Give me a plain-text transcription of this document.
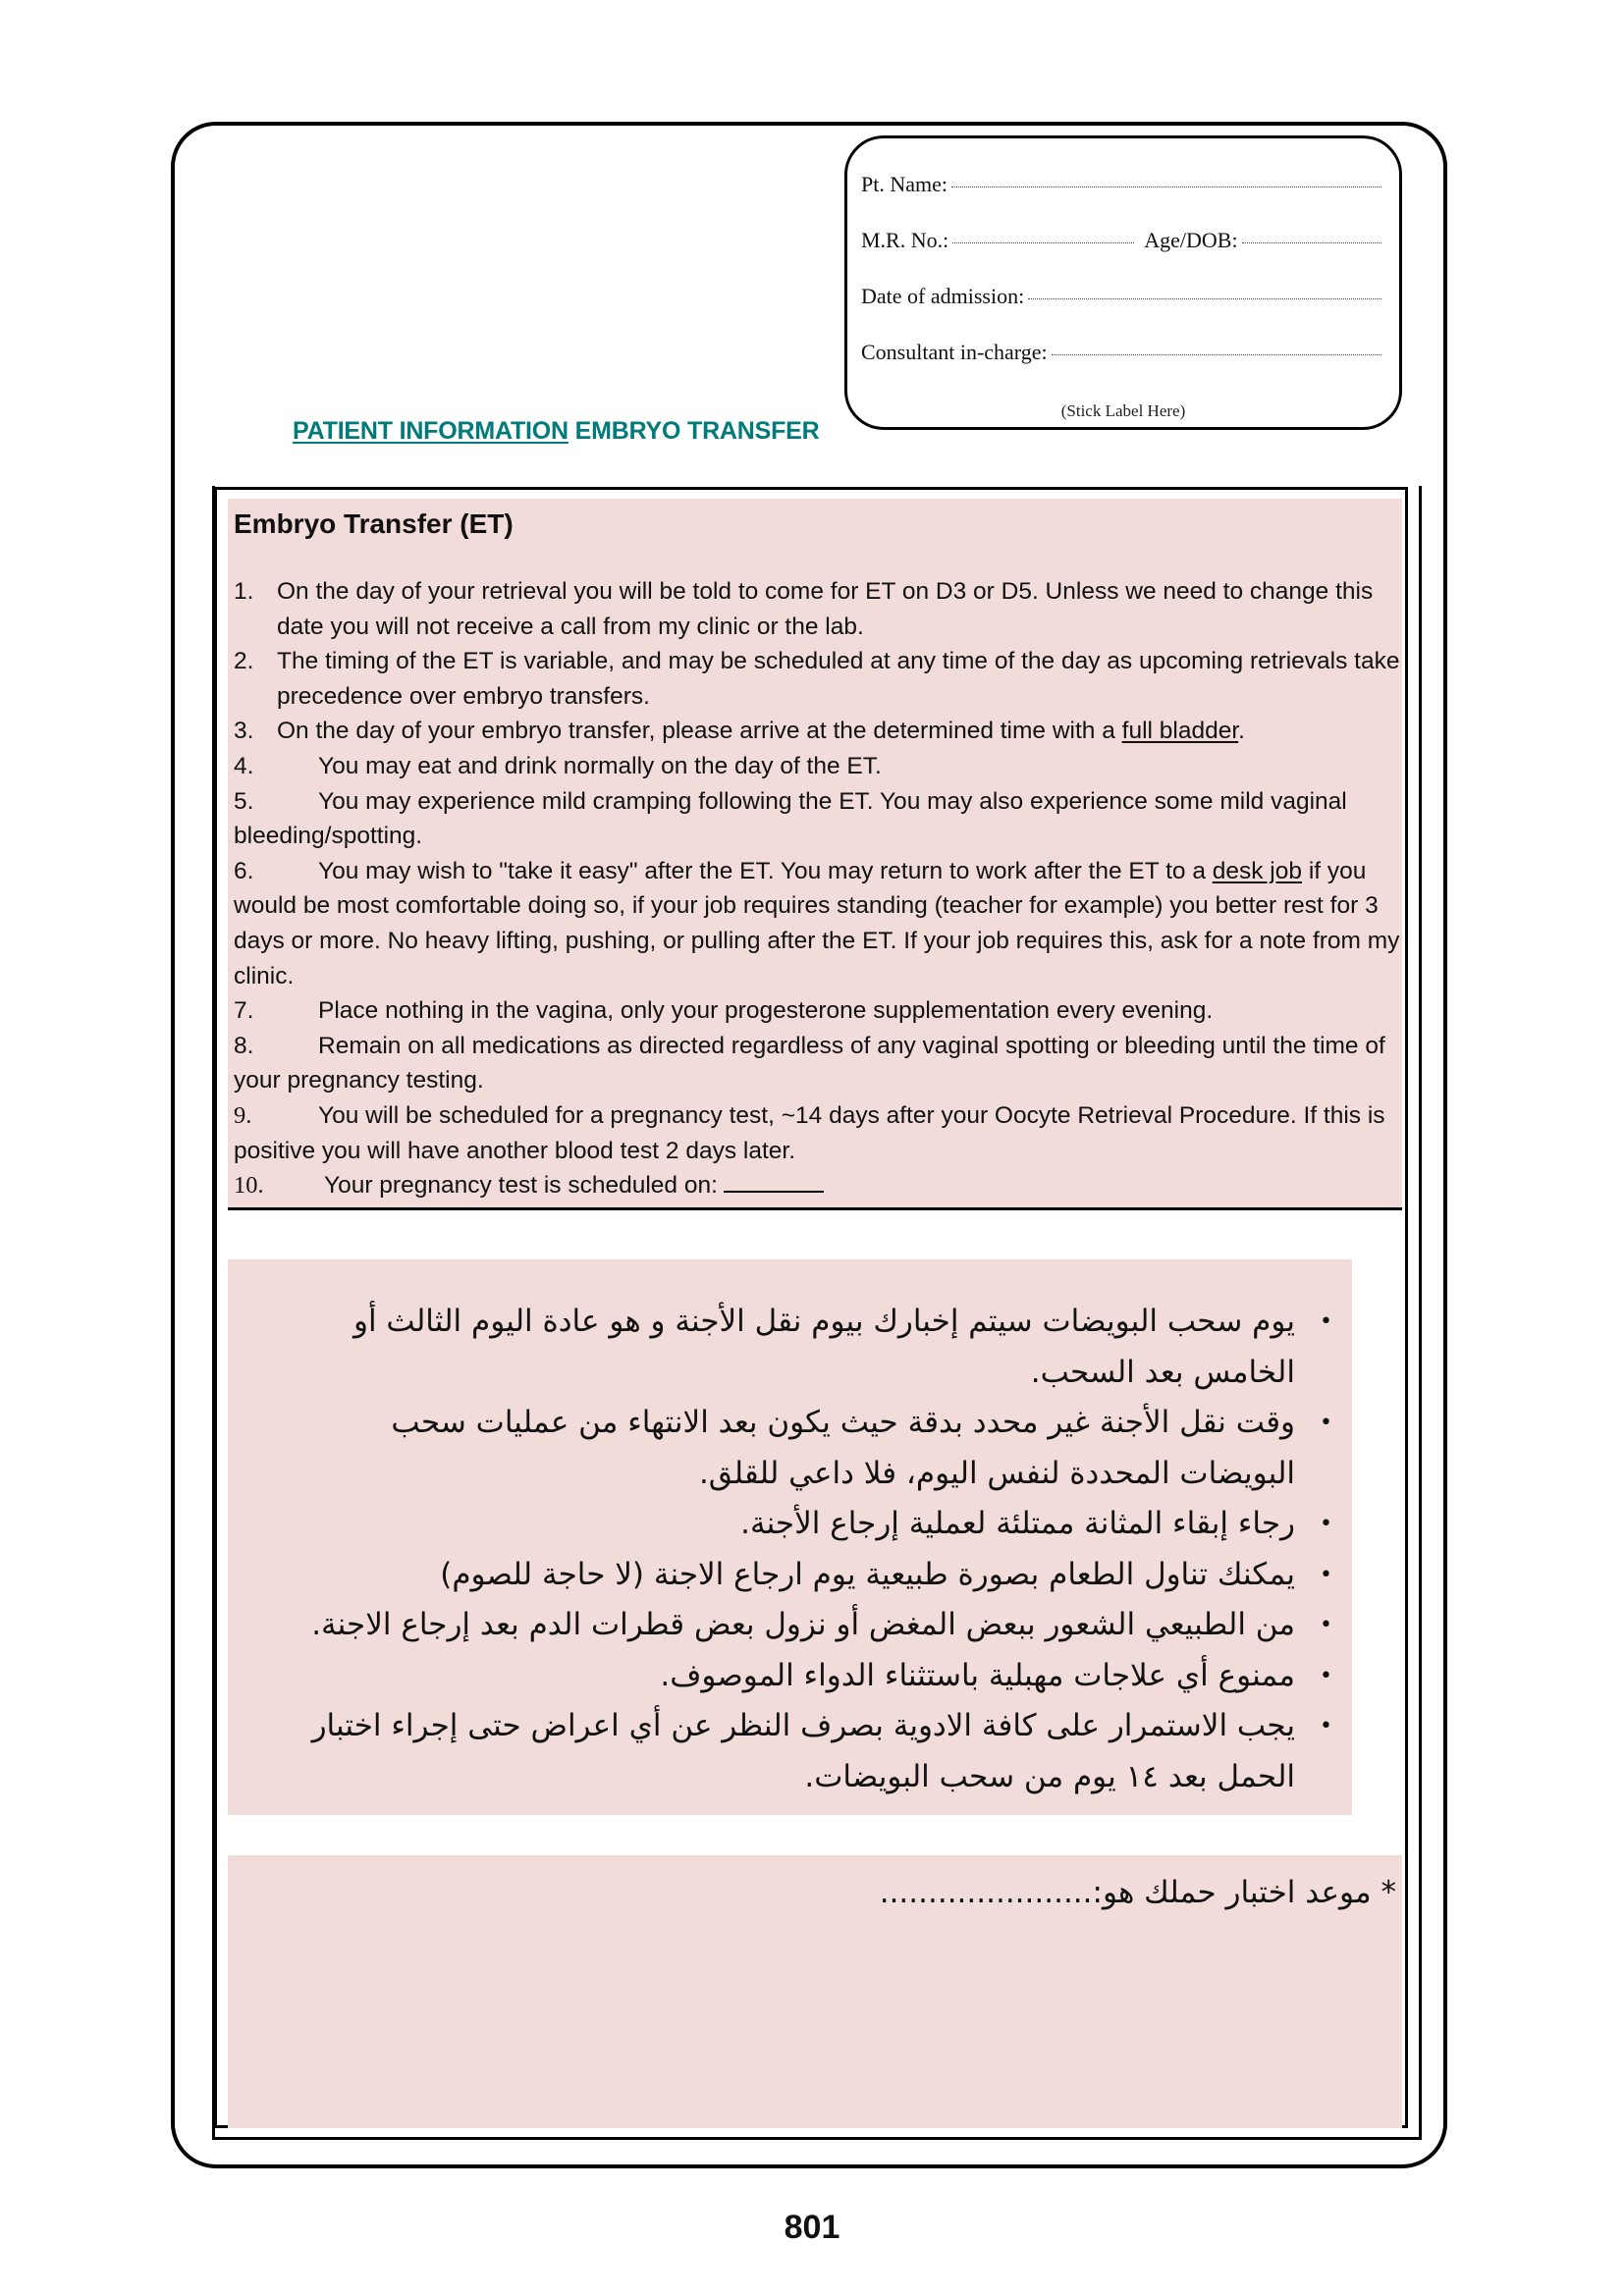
Pt. Name:
M.R. No.:	Age/DOB:
Date of admission:
Consultant in-charge:
(Stick Label Here)
PATIENT INFORMATION EMBRYO TRANSFER
Embryo Transfer (ET)
1. On the day of your retrieval you will be told to come for ET on D3 or D5. Unless we need to change this date you will not receive a call from my clinic or the lab.
2. The timing of the ET is variable, and may be scheduled at any time of the day as upcoming retrievals take precedence over embryo transfers.
3. On the day of your embryo transfer, please arrive at the determined time with a full bladder.
4.	You may eat and drink normally on the day of the ET.
5.	You may experience mild cramping following the ET. You may also experience some mild vaginal bleeding/spotting.
6.	You may wish to "take it easy" after the ET. You may return to work after the ET to a desk job if you would be most comfortable doing so, if your job requires standing (teacher for example) you better rest for 3 days or more. No heavy lifting, pushing, or pulling after the ET. If your job requires this, ask for a note from my clinic.
7.	Place nothing in the vagina, only your progesterone supplementation every evening.
8.	Remain on all medications as directed regardless of any vaginal spotting or bleeding until the time of your pregnancy testing.
9.	You will be scheduled for a pregnancy test, ~14 days after your Oocyte Retrieval Procedure. If this is positive you will have another blood test 2 days later.
10.	Your pregnancy test is scheduled on:
•
يوم سحب البويضات سيتم إخبارك بيوم نقل الأجنة و هو عادة اليوم الثالث أو الخامس بعد السحب.
•
وقت نقل الأجنة غير محدد بدقة حيث يكون بعد الانتهاء من عمليات سحب البويضات المحددة لنفس اليوم، فلا داعي للقلق.
•
رجاء إبقاء المثانة ممتلئة لعملية إرجاع الأجنة.
•
يمكنك تناول الطعام بصورة طبيعية يوم ارجاع الاجنة (لا حاجة للصوم)
•
من الطبيعي الشعور ببعض المغض أو نزول بعض قطرات الدم بعد إرجاع الاجنة.
•
ممنوع أي علاجات مهبلية باستثناء الدواء الموصوف.
•
يجب الاستمرار على كافة الادوية بصرف النظر عن أي اعراض حتى إجراء اختبار الحمل بعد ١٤ يوم من سحب البويضات.
* موعد اختبار حملك هو:......................
801
